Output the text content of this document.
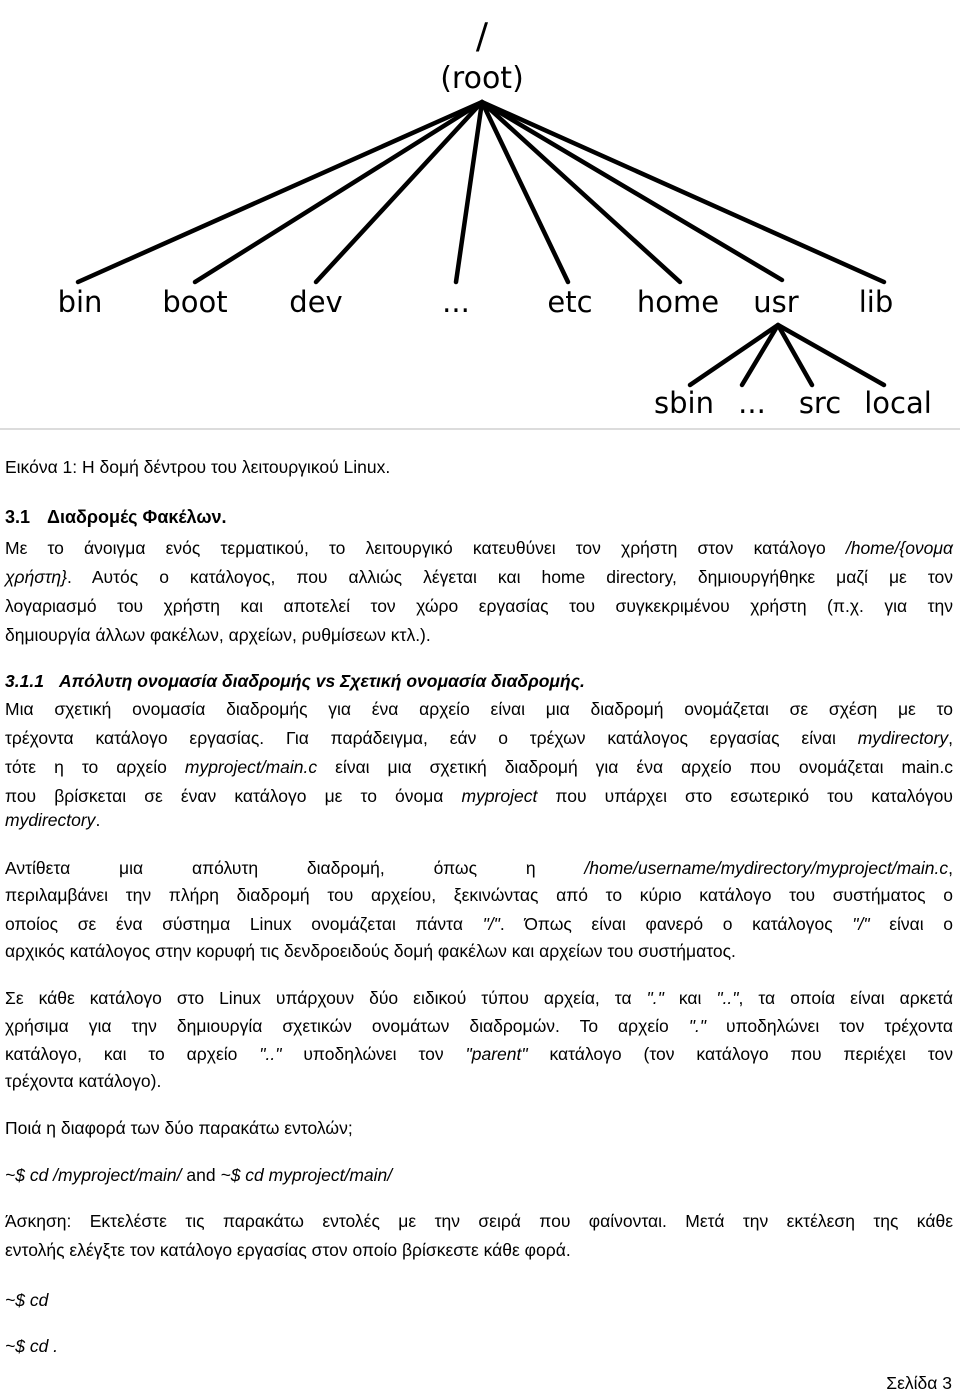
/
(root)
bin boot dev	...	etc home usr lib
sbin ... src local
Εικόνα 1: Η δομή δέντρου του λειτουργικού Linux.
3.1 Διαδρομές Φακέλων.
Με το άνοιγμα ενός τερματικού, το λειτουργικό κατευθύνει τον χρήστη στον κατάλογο /home/{ονομα
χρήστη}. Αυτός ο κατάλογος, που αλλιώς λέγεται και home directory, δημιουργήθηκε μαζί με τον
λογαριασμό του χρήστη και αποτελεί τον χώρο εργασίας του συγκεκριμένου χρήστη (π.χ. για την
δημιουργία άλλων φακέλων, αρχείων, ρυθμίσεων κτλ.).
3.1.1 Απόλυτη ονομασία διαδρομής vs Σχετική ονομασία διαδρομής.
Μια σχετική ονομασία διαδρομής για ένα αρχείο είναι μια διαδρομή ονομάζεται σε σχέση με το
τρέχοντα κατάλογο εργασίας. Για παράδειγμα, εάν ο τρέχων κατάλογος εργασίας είναι mydirectory,
τότε η το αρχείο myproject/main.c είναι μια σχετική διαδρομή για ένα αρχείο που ονομάζεται main.c
που βρίσκεται σε έναν κατάλογο με το όνομα myproject που υπάρχει στο εσωτερικό του καταλόγου
mydirectory.
Αντίθετα μια απόλυτη διαδρομή, όπως η /home/username/mydirectory/myproject/main.c,
περιλαμβάνει την πλήρη διαδρομή του αρχείου, ξεκινώντας από το κύριο κατάλογο του συστήματος ο
οποίος σε ένα σύστημα Linux ονομάζεται πάντα "/". Όπως είναι φανερό ο κατάλογος "/" είναι ο
αρχικός κατάλογος στην κορυφή τις δενδροειδούς δομή φακέλων και αρχείων του συστήματος.
Σε κάθε κατάλογο στο Linux υπάρχουν δύο ειδικού τύπου αρχεία, τα "." και "..", τα οποία είναι αρκετά
χρήσιμα για την δημιουργία σχετικών ονομάτων διαδρομών. Το αρχείο "." υποδηλώνει τον τρέχοντα
κατάλογο, και το αρχείο ".." υποδηλώνει τον "parent" κατάλογο (τον κατάλογο που περιέχει τον
τρέχοντα κατάλογο).
Ποιά η διαφορά των δύο παρακάτω εντολών;
~$ cd /myproject/main/ and ~$ cd myproject/main/
Άσκηση: Εκτελέστε τις παρακάτω εντολές με την σειρά που φαίνονται. Μετά την εκτέλεση της κάθε
εντολής ελέγξτε τον κατάλογο εργασίας στον οποίο βρίσκεστε κάθε φορά.
~$ cd
~$ cd .
Σελίδα 3
